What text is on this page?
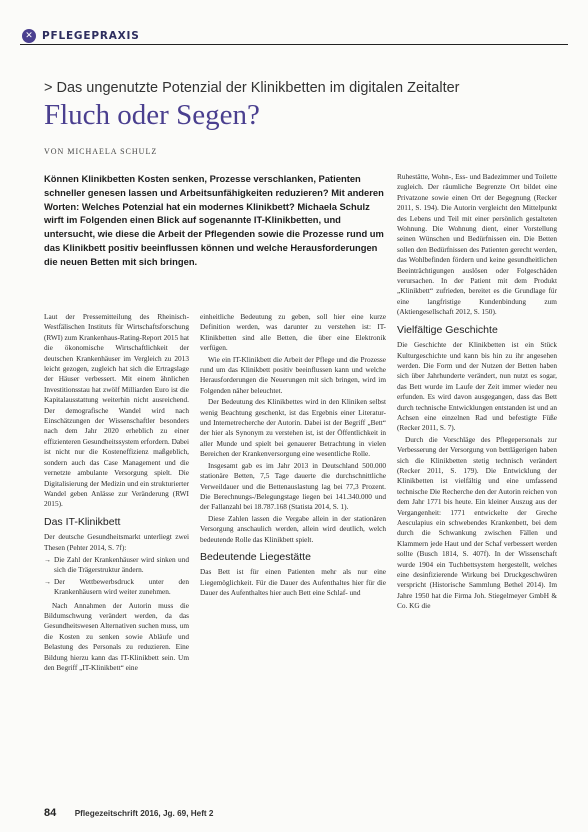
✕ PFLEGEPRAXIS
> Das ungenutzte Potenzial der Klinikbetten im digitalen Zeitalter
Fluch oder Segen?
VON MICHAELA SCHULZ

Können Klinikbetten Kosten senken, Prozesse verschlanken, Patienten schneller genesen lassen und Arbeitsunfähigkeiten reduzieren? Mit anderen Worten: Welches Potenzial hat ein modernes Klinikbett? Michaela Schulz wirft im Folgenden einen Blick auf sogenannte IT-Klinikbetten, und untersucht, wie diese die Arbeit der Pflegenden sowie die Prozesse rund um das Klinikbett positiv beeinflussen können und welche Herausforderungen die neuen Betten mit sich bringen.

Laut der Pressemitteilung des Rheinisch-Westfälischen Instituts für Wirtschaftsforschung (RWI) zum Krankenhaus-Rating-Report 2015 hat die ökonomische Wirtschaftlichkeit der deutschen Krankenhäuser im Vergleich zu 2013 leicht gezogen, zugleich hat sich die Ertragslage der Häuser verbessert. Mit einem ähnlichen Investitionsstau hat zwölf Milliarden Euro ist die Kapitalausstattung weiterhin nicht ausreichend. Der demografische Wandel wird nach Einschätzungen der Wissenschaftler besonders nach dem Jahr 2020 erheblich zu einer effizienteren Gesundheitssystem erfordern. Dabei ist nicht nur die Kosteneffizienz maßgeblich, sondern auch das Case Management und die vernetzte ambulante Versorgung spielt. Die Digitalisierung der Medizin und ein strukturierter Wandel geben Anlässe zur Veränderung (RWI 2015).

Das IT-Klinikbett

Der deutsche Gesundheitsmarkt unterliegt zwei Thesen (Pehter 2014, S. 7f):

→ Die Zahl der Krankenhäuser wird sinken und sich die Trägerstruktur ändern.
→ Der Wettbewerbsdruck unter den Krankenhäusern wird weiter zunehmen.

Nach Annahmen der Autorin muss die Bildumschwung verändert werden, da das Gesundheitswesen Alternativen suchen muss, um die Kosten zu senken sowie Abläufe und Belastung des Personals zu reduzieren. Eine Bildung hierzu kann das IT-Klinikbett sein. Um den Begriff „IT-Klinikbett“ eine

einheitliche Bedeutung zu geben, soll hier eine kurze Definition werden, was darunter zu verstehen ist: IT-Klinikbetten sind alle Betten, die über eine Elektronik verfügen.

Wie ein IT-Klinikbett die Arbeit der Pflege und die Prozesse rund um das Klinikbett positiv beeinflussen kann und welche Herausforderungen die Neuerungen mit sich bringen, wird im Folgenden näher beleuchtet.

Der Bedeutung des Klinikbettes wird in den Kliniken selbst wenig Beachtung geschenkt, ist das Ergebnis einer Literatur- und Internetrecherche der Autorin. Dabei ist der Begriff „Bett“ der hier als Synonym zu verstehen ist, ist der Öffentlichkeit in aller Munde und spielt bei genauerer Betrachtung in vielen Bereichen der Krankenversorgung eine wesentliche Rolle.

Insgesamt gab es im Jahr 2013 in Deutschland 500.000 stationäre Betten, 7,5 Tage dauerte die durchschnittliche Verweildauer und die Bettenauslastung lag bei 77,3 Prozent. Die Berechnungs-/Belegungstage liegen bei 141.340.000 und der Fallanzahl bei 18.787.168 (Statista 2014, S. 1).

Diese Zahlen lassen die Vergabe allein in der stationären Versorgung anschaulich werden, allein wird deutlich, welch bedeutende Rolle das Klinikbett spielt.

Bedeutende Liegestätte

Das Bett ist für einen Patienten mehr als nur eine Liegemöglichkeit. Für die Dauer des Aufenthaltes hier für die Dauer des Aufenthaltes hier auch Bett eine Schlaf- und

Ruhestätte, Wohn-, Ess- und Badezimmer und Toilette zugleich. Der räumliche Begrenzte Ort bildet eine Privatzone sowie einen Ort der Begegnung (Recker 2011, S. 194). Die Autorin vergleicht den Mittelpunkt des Lebens und Teil mit einer persönlich gestalteten Wohnung. Die Wohnung dient, einer Vorstellung seinen Wünschen und Bedürfnissen ein. Die Betten sollen den Bedürfnissen des Patienten gerecht werden, das Wohlbefinden fördern und keine gesundheitlichen Beeinträchtigungen auslösen oder Folgeschäden verursachen. In der Patient mit dem Produkt „Klinikbett“ zufrieden, bereitet es die Grundlage für eine langfristige Kundenbindung zum (Aktiengesellschaft 2012, S. 150).

Vielfältige Geschichte

Die Geschichte der Klinikbetten ist ein Stück Kulturgeschichte und kann bis hin zu ihr angesehen werden. Die Form und der Nutzen der Betten haben sich über Jahrhunderte verändert, nun nutzt es sogar, das Bett wurde im Laufe der Zeit immer wieder neu erfunden. Es wird davon ausgegangen, dass das Bett durch technische Entwicklungen entstanden ist und an Achsen eine einzelnen Rad und befestigte Füße (Recker 2011, S. 7).

Durch die Vorschläge des Pflegepersonals zur Verbesserung der Versorgung von bettlägerigen haben sich die Klinikbetten stetig technisch verändert (Recker 2011, S. 179). Die Entwicklung der Klinikbetten ist vielfältig und eine umfassend technische Die Recherche den der Autorin reichen von dem Jahr 1771 bis heute. Ein kleiner Auszug aus der Vergangenheit: 1771 entwickelte der Greche Aesculapius ein schwebendes Krankenbett, bei dem durch die Schwankung zwischen Fällen und Klammern jede Haut und der Schaf verbessert werden sollte (Busch 1814, S. 407f). In der Wissenschaft wurde 1904 ein Tuchbettsystem hergestellt, welches eine desinfizierende Wirkung bei Druckgeschwüren verspricht (Historische Sammlung Bethel 2014). Im Jahre 1950 hat die Firma Joh. Stiegelmeyer GmbH & Co. KG die

84 Pflegezeitschrift 2016, Jg. 69, Heft 2
